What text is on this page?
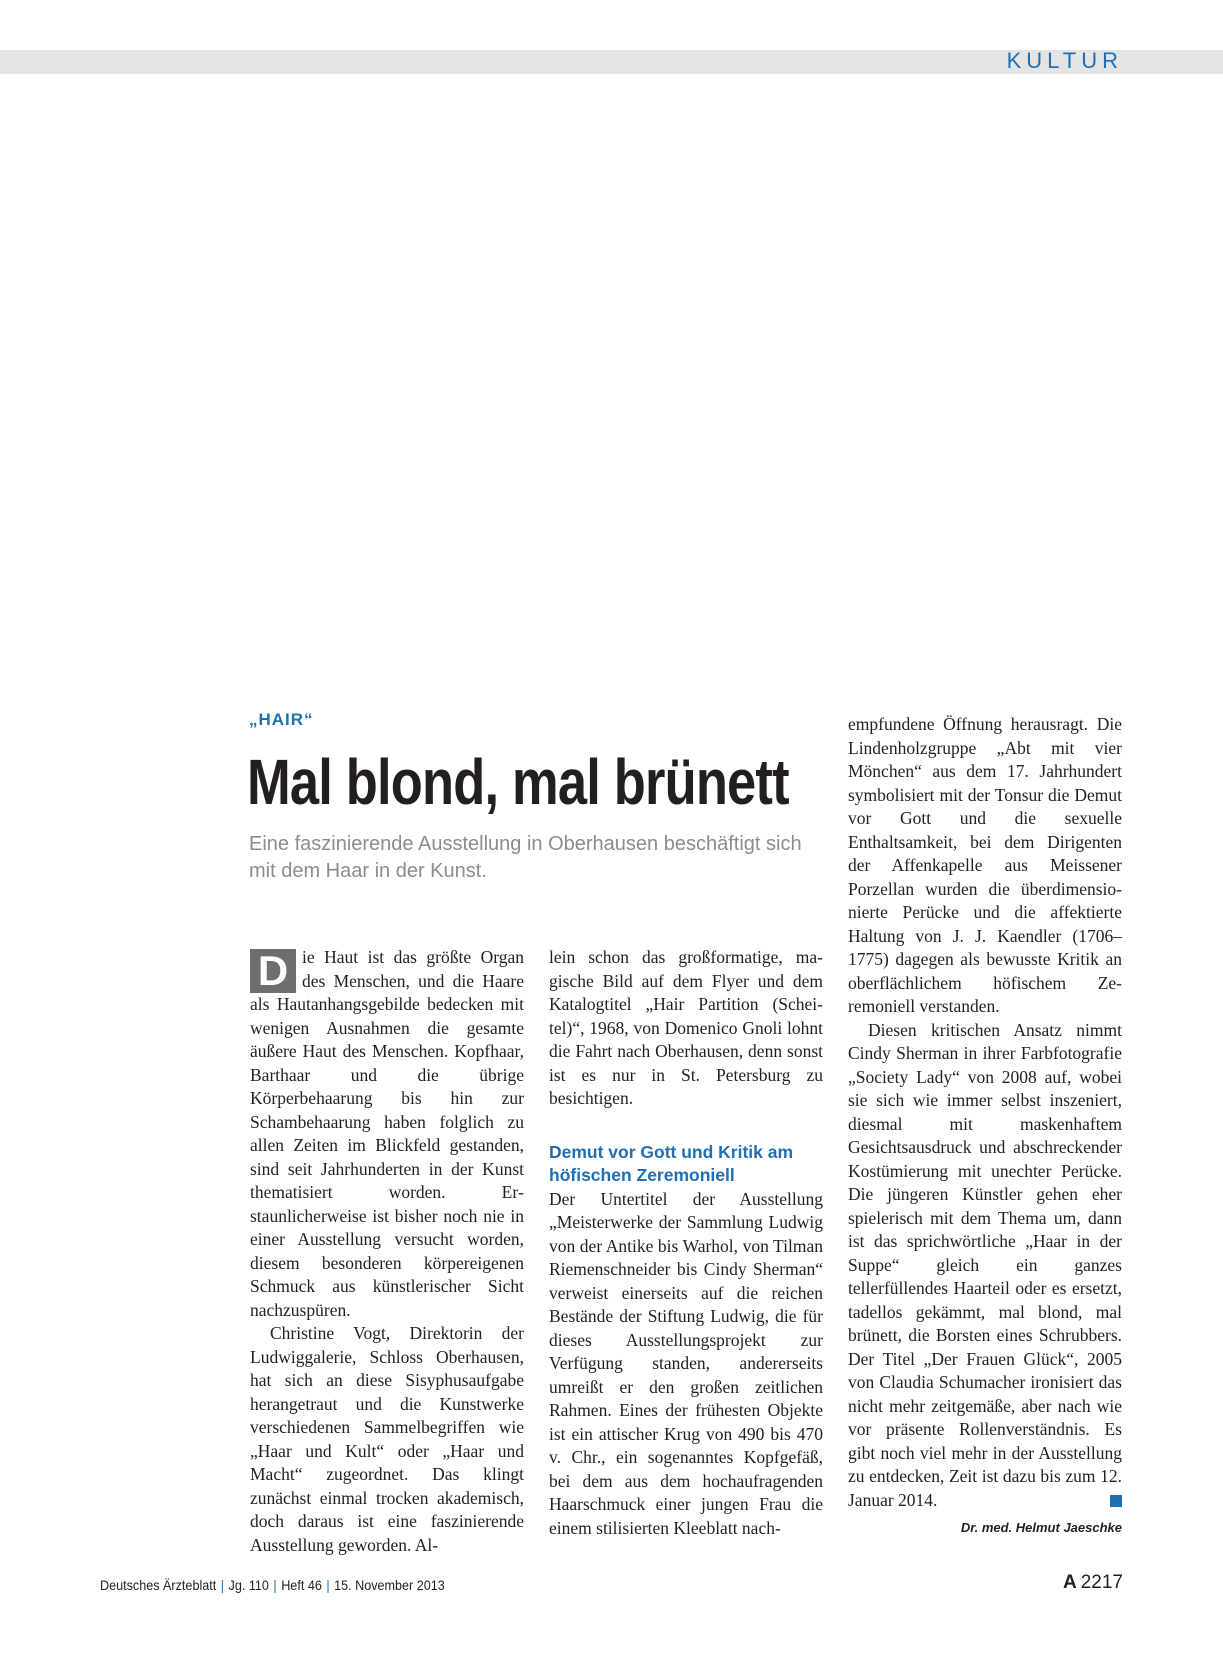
KULTUR
„HAIR“
Mal blond, mal brünett
Eine faszinierende Ausstellung in Oberhausen beschäftigt sich mit dem Haar in der Kunst.

D ie Haut ist das größte Organ des Menschen, und die Haare als Hautanhangsgebilde bedecken mit wenigen Ausnahmen die gesamte äußere Haut des Menschen. Kopfhaar, Barthaar und die übrige Körperbehaarung bis hin zur Schambehaarung haben folglich zu allen Zeiten im Blickfeld gestanden, sind seit Jahrhunderten in der Kunst thematisiert worden. Erstaunlicherweise ist bisher noch nie in einer Ausstellung versucht worden, diesem besonderen körpereigenen Schmuck aus künstlerischer Sicht nachzuspüren.

Christine Vogt, Direktorin der Ludwiggalerie, Schloss Oberhausen, hat sich an diese Sisyphusaufgabe herangetraut und die Kunstwerke verschiedenen Sammelbegriffen wie „Haar und Kult“ oder „Haar und Macht“ zugeordnet. Das klingt zunächst einmal trocken akademisch, doch daraus ist eine faszinierende Ausstellung geworden. Al-

lein schon das großformatige, magische Bild auf dem Flyer und dem Katalogtitel „Hair Partition (Scheitel)“, 1968, von Domenico Gnoli lohnt die Fahrt nach Oberhausen, denn sonst ist es nur in St. Petersburg zu besichtigen.

Demut vor Gott und Kritik am höfischen Zeremoniell

Der Untertitel der Ausstellung „Meisterwerke der Sammlung Ludwig von der Antike bis Warhol, von Tilman Riemenschneider bis Cindy Sherman“ verweist einerseits auf die reichen Bestände der Stiftung Ludwig, die für dieses Ausstellungsprojekt zur Verfügung standen, andererseits umreißt er den großen zeitlichen Rahmen. Eines der frühesten Objekte ist ein attischer Krug von 490 bis 470 v. Chr., ein sogenanntes Kopfgefäß, bei dem aus dem hochaufragenden Haarschmuck einer jungen Frau die einem stilisierten Kleeblatt nach-

empfundene Öffnung herausragt. Die Lindenholzgruppe „Abt mit vier Mönchen“ aus dem 17. Jahrhundert symbolisiert mit der Tonsur die Demut vor Gott und die sexuelle Enthaltsamkeit, bei dem Dirigenten der Affenkapelle aus Meissener Porzellan wurden die überdimensionierte Perücke und die affektierte Haltung von J. J. Kaendler (1706–1775) dagegen als bewusste Kritik an oberflächlichem höfischem Zeremoniell verstanden.

Diesen kritischen Ansatz nimmt Cindy Sherman in ihrer Farbfotografie „Society Lady“ von 2008 auf, wobei sie sich wie immer selbst inszeniert, diesmal mit maskenhaftem Gesichtsausdruck und abschreckender Kostümierung mit unechter Perücke. Die jüngeren Künstler gehen eher spielerisch mit dem Thema um, dann ist das sprichwörtliche „Haar in der Suppe“ gleich ein ganzes tellerfüllendes Haarteil oder es ersetzt, tadellos gekämmt, mal blond, mal brünett, die Borsten eines Schrubbers. Der Titel „Der Frauen Glück“, 2005 von Claudia Schumacher ironisiert das nicht mehr zeitgemäße, aber nach wie vor präsente Rollenverständnis. Es gibt noch viel mehr in der Ausstellung zu entdecken, Zeit ist dazu bis zum 12. Januar 2014.

Dr. med. Helmut Jaeschke
Deutsches Ärzteblatt | Jg. 110 | Heft 46 | 15. November 2013	A 2217
